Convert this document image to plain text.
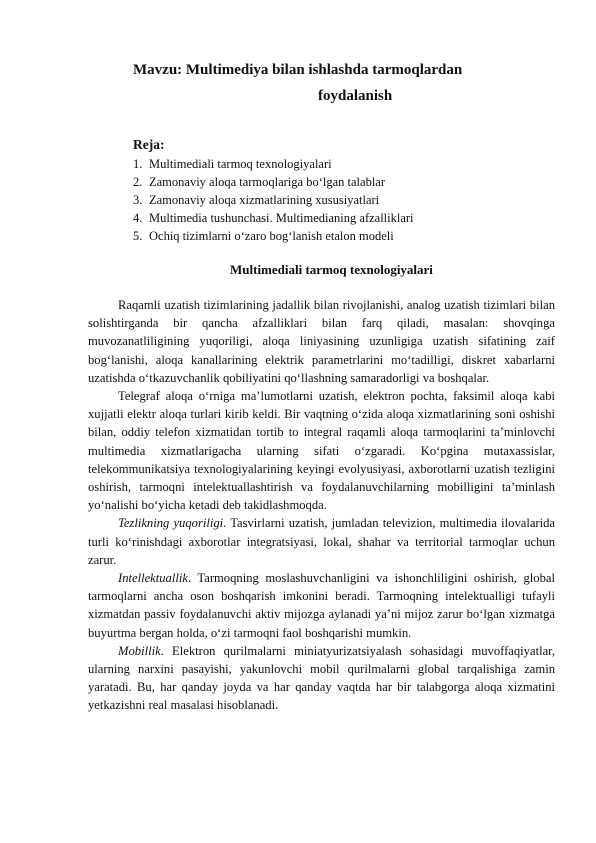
Mavzu: Multimediya bilan ishlashda tarmoqlardan
foydalanish
Reja:
1. Multimediali tarmoq texnologiyalari
2. Zamonaviy aloqa tarmoqlariga bo‘lgan talablar
3. Zamonaviy aloqa xizmatlarining xususiyatlari
4. Multimedia tushunchasi. Multimedianing afzalliklari
5. Ochiq tizimlarni o‘zaro bog‘lanish etalon modeli
Multimediali tarmoq texnologiyalari

Raqamli uzatish tizimlarining jadallik bilan rivojlanishi, analog uzatish tizimlari bilan solishtirganda bir qancha afzalliklari bilan farq qiladi, masalan: shovqinga muvozanatliligining yuqoriligi, aloqa liniyasining uzunligiga uzatish sifatining zaif bog‘lanishi, aloqa kanallarining elektrik parametrlarini mo‘tadilligi, diskret xabarlarni uzatishda o‘tkazuvchanlik qobiliyatini qo‘llashning samaradorligi va boshqalar.

Telegraf aloqa o‘rniga ma’lumotlarni uzatish, elektron pochta, faksimil aloqa kabi xujjatli elektr aloqa turlari kirib keldi. Bir vaqtning o‘zida aloqa xizmatlarining soni oshishi bilan, oddiy telefon xizmatidan tortib to integral raqamli aloqa tarmoqlarini ta’minlovchi multimedia xizmatlarigacha ularning sifati o‘zgaradi. Ko‘pgina mutaxassislar, telekommunikatsiya texnologiyalarining keyingi evolyusiyasi, axborotlarni uzatish tezligini oshirish, tarmoqni intelektuallashtirish va foydalanuvchilarning mobilligini ta’minlash yo‘nalishi bo‘yicha ketadi deb takidlashmoqda.

Tezlikning yuqoriligi. Tasvirlarni uzatish, jumladan televizion, multimedia ilovalarida turli ko‘rinishdagi axborotlar integratsiyasi, lokal, shahar va territorial tarmoqlar uchun zarur.

Intellektuallik. Tarmoqning moslashuvchanligini va ishonchliligini oshirish, global tarmoqlarni ancha oson boshqarish imkonini beradi. Tarmoqning intelektualligi tufayli xizmatdan passiv foydalanuvchi aktiv mijozga aylanadi ya’ni mijoz zarur bo‘lgan xizmatga buyurtma bergan holda, o‘zi tarmoqni faol boshqarishi mumkin.

Mobillik. Elektron qurilmalarni miniatyurizatsiyalash sohasidagi muvoffaqiyatlar, ularning narxini pasayishi, yakunlovchi mobil qurilmalarni global tarqalishiga zamin yaratadi. Bu, har qanday joyda va har qanday vaqtda har bir talabgorga aloqa xizmatini yetkazishni real masalasi hisoblanadi.
